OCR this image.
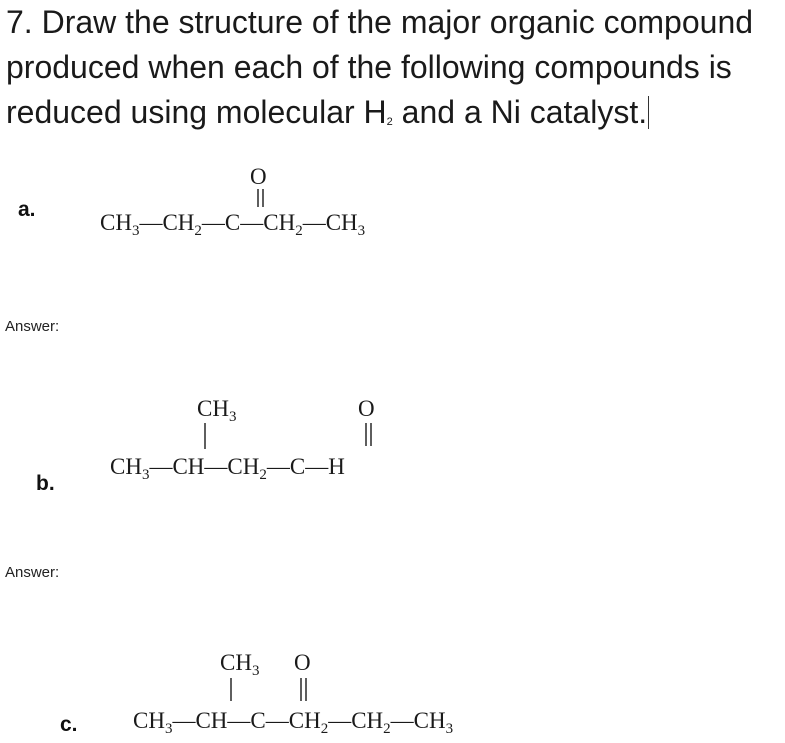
7. Draw the structure of the major organic compound produced when each of the following compounds is reduced using molecular H2 and a Ni catalyst.
a.
O
$CH_3—CH_2—C—CH_2—CH_3$
Answer:
b.
$CH_3$	O
$CH_3—CH—CH_2—C—H$
Answer:
c.
$CH_3$ O
$CH_3—CH—C—CH_2—CH_2—CH_3$
